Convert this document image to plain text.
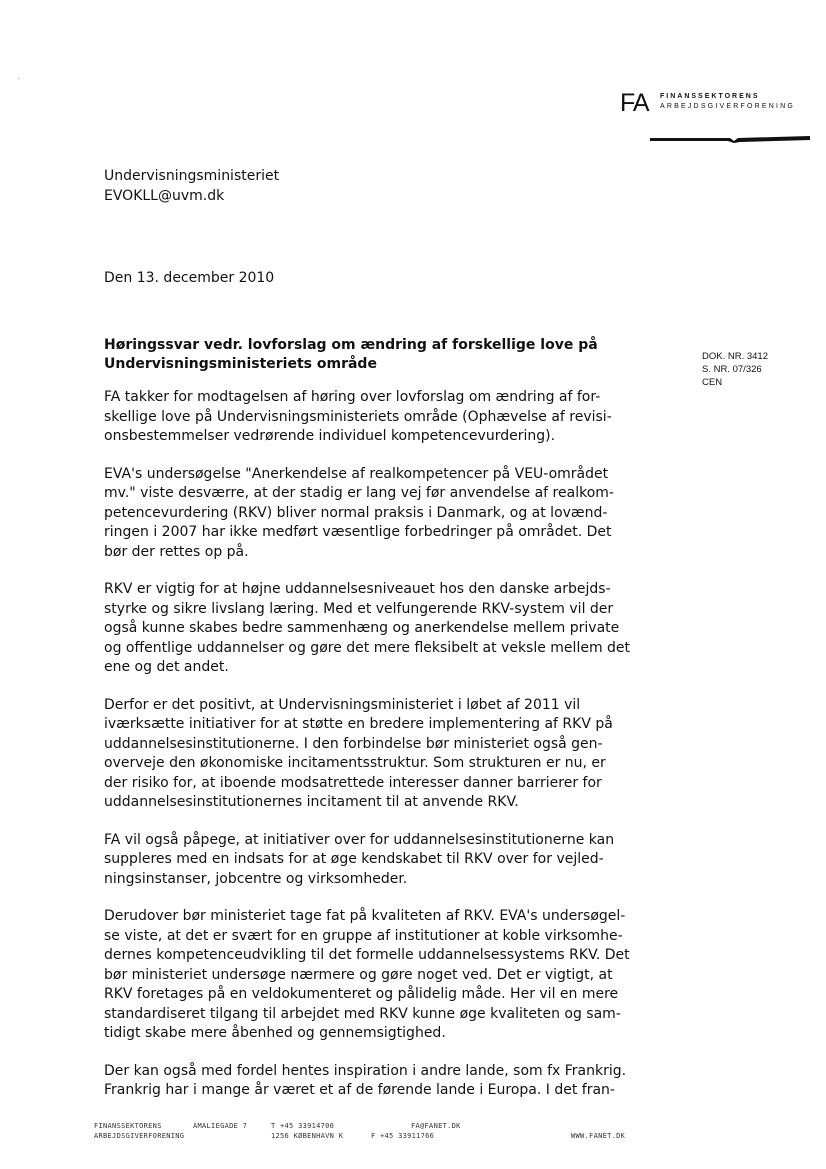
FA FINANSSEKTORENS
ARBEJDSGIVERFORENING
Undervisningsministeriet
EVOKLL@uvm.dk
Den 13. december 2010
Høringssvar vedr. lovforslag om ændring af forskellige love på
Undervisningsministeriets område	DOK. NR. 3412
S. NR. 07/326
CEN

FA takker for modtagelsen af høring over lovforslag om ændring af for-
skellige love på Undervisningsministeriets område (Ophævelse af revisi-
onsbestemmelser vedrørende individuel kompetencevurdering).

EVA's undersøgelse "Anerkendelse af realkompetencer på VEU-området
mv." viste desværre, at der stadig er lang vej før anvendelse af realkom-
petencevurdering (RKV) bliver normal praksis i Danmark, og at lovænd-
ringen i 2007 har ikke medført væsentlige forbedringer på området. Det
bør der rettes op på.

RKV er vigtig for at højne uddannelsesniveauet hos den danske arbejds-
styrke og sikre livslang læring. Med et velfungerende RKV-system vil der
også kunne skabes bedre sammenhæng og anerkendelse mellem private
og offentlige uddannelser og gøre det mere fleksibelt at veksle mellem det
ene og det andet.

Derfor er det positivt, at Undervisningsministeriet i løbet af 2011 vil
iværksætte initiativer for at støtte en bredere implementering af RKV på
uddannelsesinstitutionerne. I den forbindelse bør ministeriet også gen-
overveje den økonomiske incitamentsstruktur. Som strukturen er nu, er
der risiko for, at iboende modsatrettede interesser danner barrierer for
uddannelsesinstitutionernes incitament til at anvende RKV.

FA vil også påpege, at initiativer over for uddannelsesinstitutionerne kan
suppleres med en indsats for at øge kendskabet til RKV over for vejled-
ningsinstanser, jobcentre og virksomheder.

Derudover bør ministeriet tage fat på kvaliteten af RKV. EVA's undersøgel-
se viste, at det er svært for en gruppe af institutioner at koble virksomhe-
dernes kompetenceudvikling til det formelle uddannelsessystems RKV. Det
bør ministeriet undersøge nærmere og gøre noget ved. Det er vigtigt, at
RKV foretages på en veldokumenteret og pålidelig måde. Her vil en mere
standardiseret tilgang til arbejdet med RKV kunne øge kvaliteten og sam-
tidigt skabe mere åbenhed og gennemsigtighed.

Der kan også med fordel hentes inspiration i andre lande, som fx Frankrig.
Frankrig har i mange år været et af de førende lande i Europa. I det fran-

FINANSSEKTORENS
ARBEJDSGIVERFORENING
AMALIEGADE 7	T +45 33914700
1256 KØBENHAVN K	F +45 33911766
FA@FANET.DK
WWW.FANET.DK
